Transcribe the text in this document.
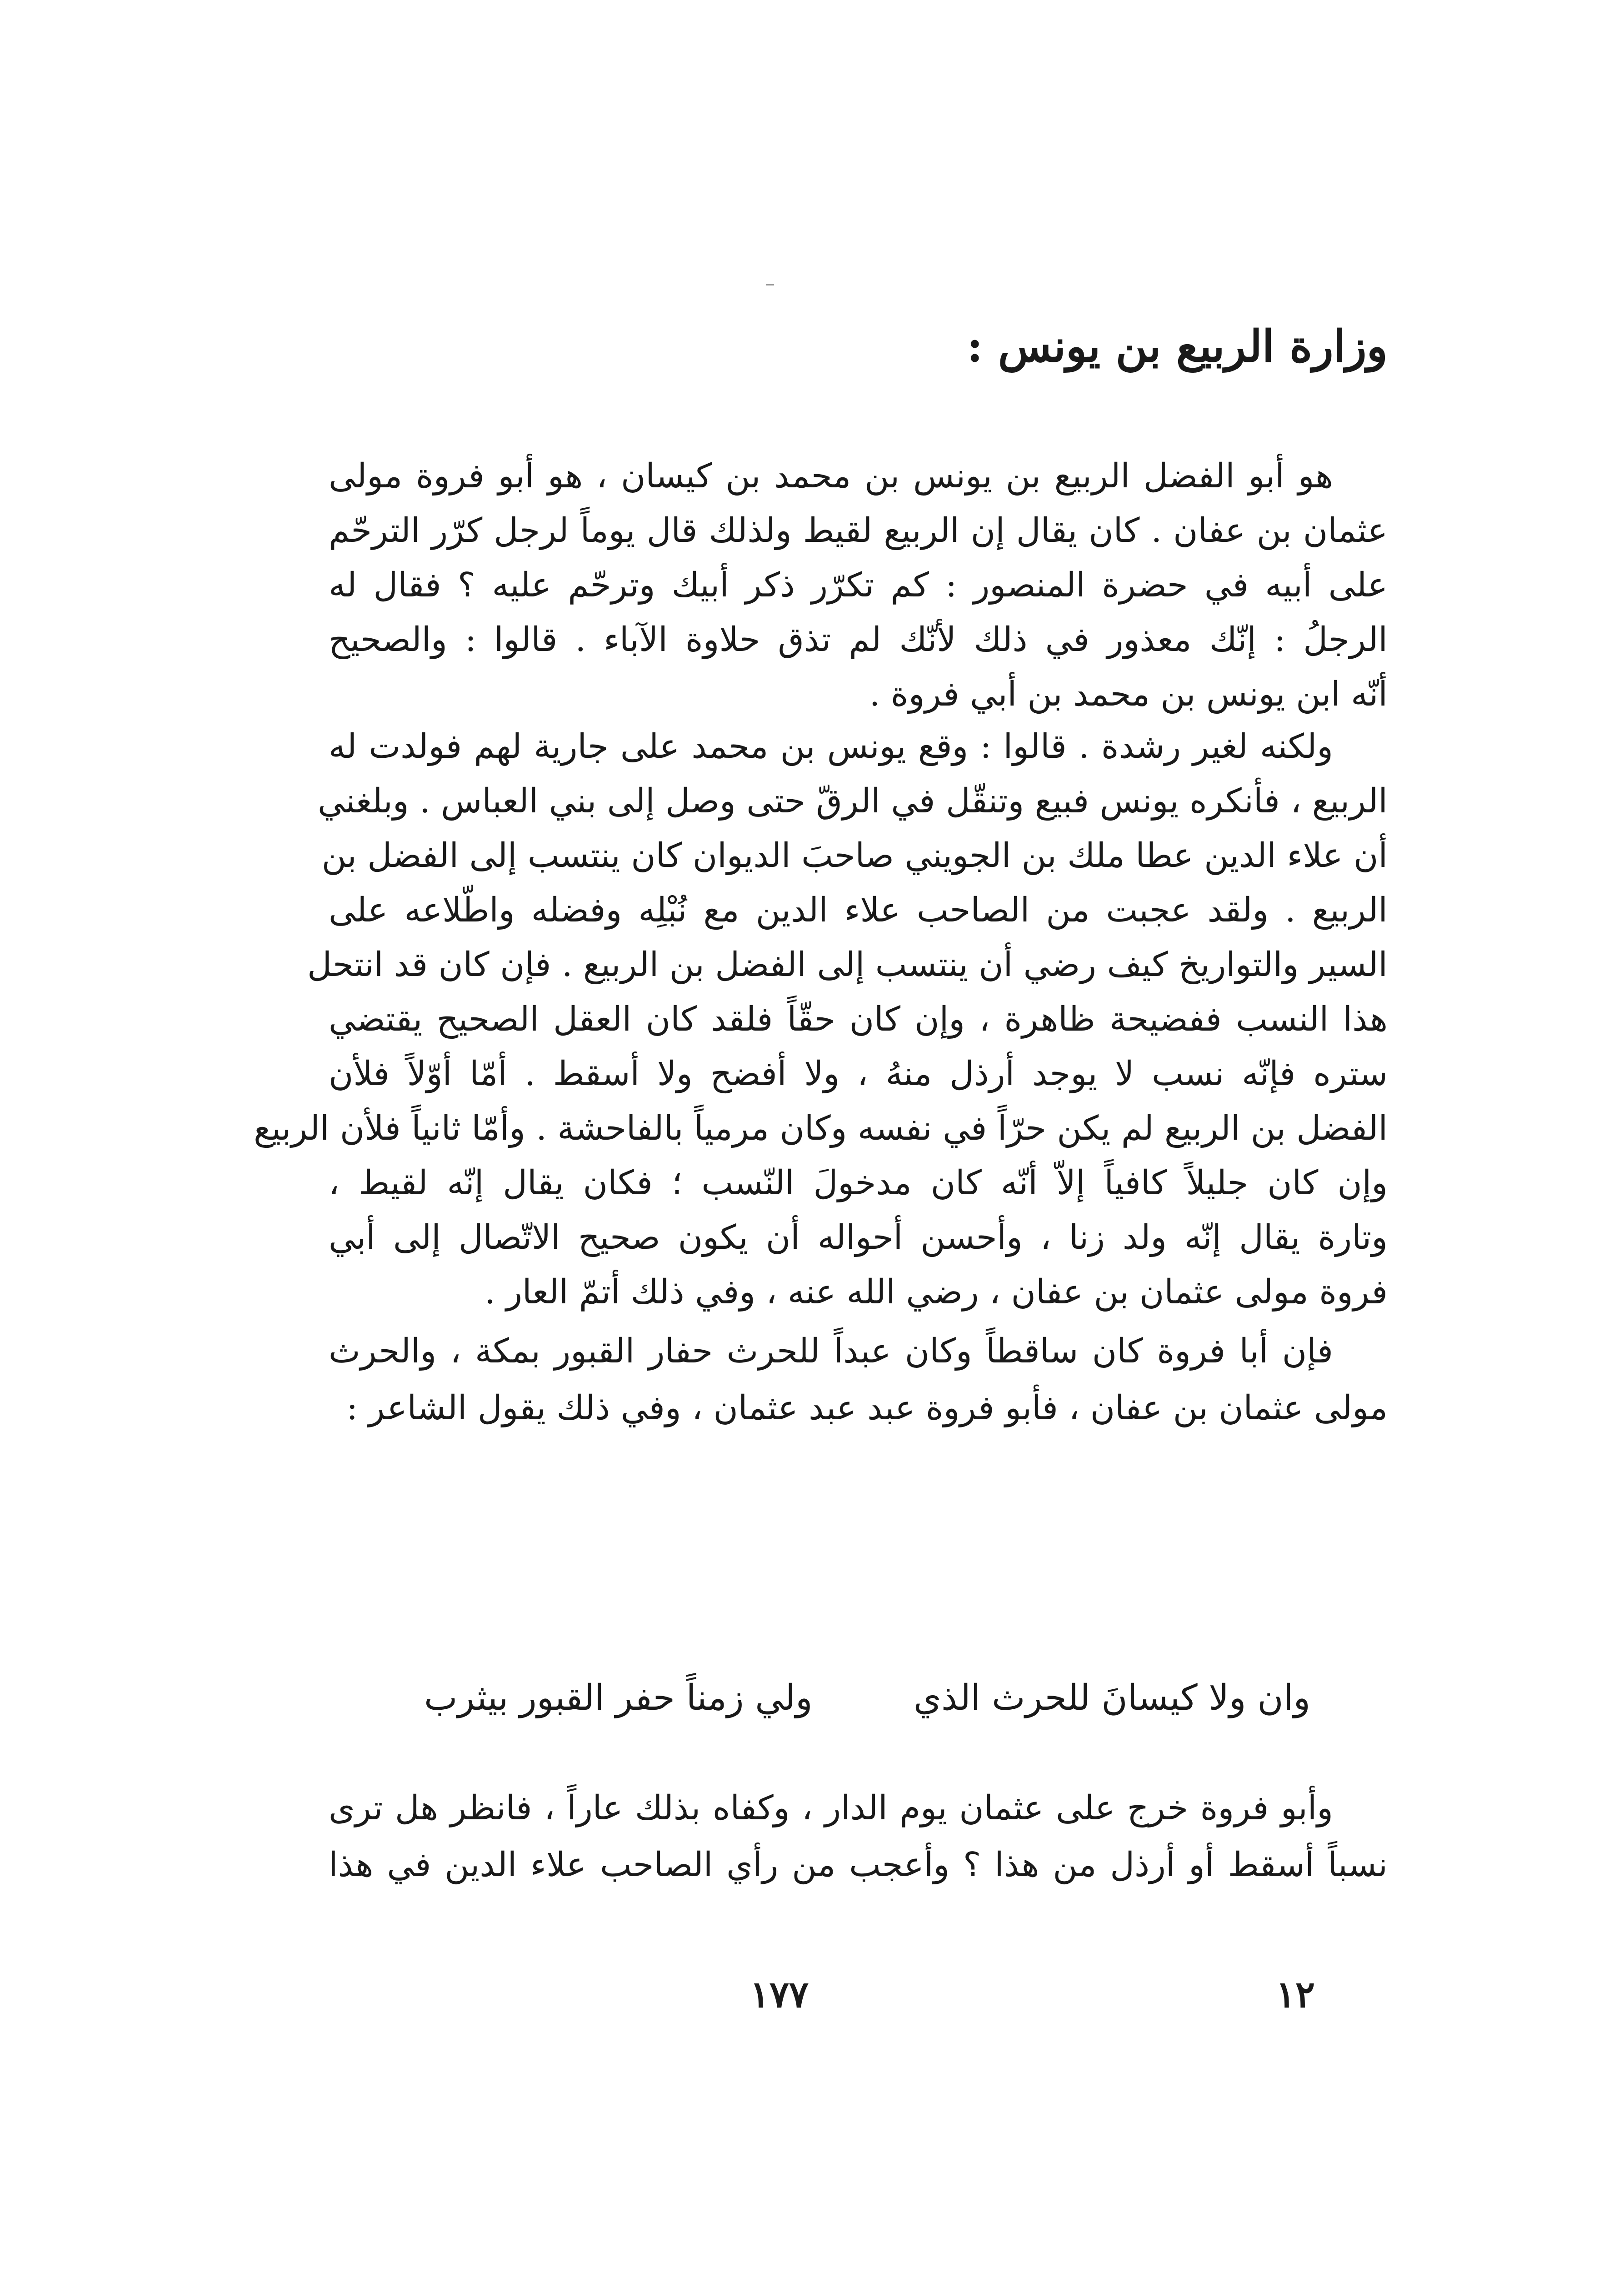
وزارة الربيع بن يونس :
هو أبو الفضل الربيع بن يونس بن محمد بن كيسان ، هو أبو فروة مولى
عثمان بن عفان . كان يقال إن الربيع لقيط ولذلك قال يوماً لرجل كرّر الترحّم
على أبيه في حضرة المنصور : كم تكرّر ذكر أبيك وترحّم عليه ؟ فقال له
الرجلُ : إنّك معذور في ذلك لأنّك لم تذق حلاوة الآباء . قالوا : والصحيح
أنّه ابن يونس بن محمد بن أبي فروة .
ولكنه لغير رشدة . قالوا : وقع يونس بن محمد على جارية لهم فولدت له
الربيع ، فأنكره يونس فبيع وتنقّل في الرقّ حتى وصل إلى بني العباس . وبلغني
أن علاء الدين عطا ملك بن الجويني صاحبَ الديوان كان ينتسب إلى الفضل بن
الربيع . ولقد عجبت من الصاحب علاء الدين مع نُبْلِه وفضله واطّلاعه على
السير والتواريخ كيف رضي أن ينتسب إلى الفضل بن الربيع . فإن كان قد انتحل
هذا النسب ففضيحة ظاهرة ، وإن كان حقّاً فلقد كان العقل الصحيح يقتضي
ستره فإنّه نسب لا يوجد أرذل منهُ ، ولا أفضح ولا أسقط . أمّا أوّلاً فلأن
الفضل بن الربيع لم يكن حرّاً في نفسه وكان مرمياً بالفاحشة . وأمّا ثانياً فلأن الربيع
وإن كان جليلاً كافياً إلاّ أنّه كان مدخولَ النّسب ؛ فكان يقال إنّه لقيط ،
وتارة يقال إنّه ولد زنا ، وأحسن أحواله أن يكون صحيح الاتّصال إلى أبي
فروة مولى عثمان بن عفان ، رضي الله عنه ، وفي ذلك أتمّ العار .
فإن أبا فروة كان ساقطاً وكان عبداً للحرث حفار القبور بمكة ، والحرث
مولى عثمان بن عفان ، فأبو فروة عبد عبد عثمان ، وفي ذلك يقول الشاعر :
وان ولا كيسانَ للحرث الذي
ولي زمناً حفر القبور بيثرب
وأبو فروة خرج على عثمان يوم الدار ، وكفاه بذلك عاراً ، فانظر هل ترى
نسباً أسقط أو أرذل من هذا ؟ وأعجب من رأي الصاحب علاء الدين في هذا
١٧٧	١٢
